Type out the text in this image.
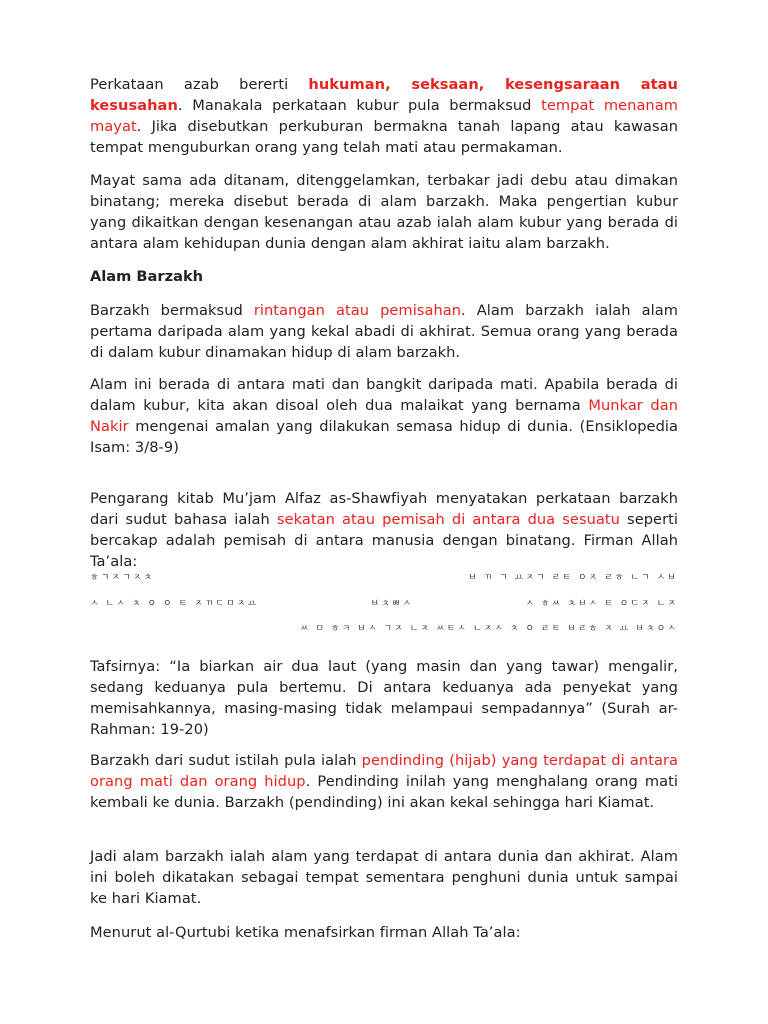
Perkataan azab bererti hukuman, seksaan, kesengsaraan atau kesusahan. Manakala perkataan kubur pula bermaksud tempat menanam mayat. Jika disebutkan perkuburan bermakna tanah lapang atau kawasan tempat menguburkan orang yang telah mati atau permakaman.

Mayat sama ada ditanam, ditenggelamkan, terbakar jadi debu atau dimakan binatang; mereka disebut berada di alam barzakh. Maka pengertian kubur yang dikaitkan dengan kesenangan atau azab ialah alam kubur yang berada di antara alam kehidupan dunia dengan alam akhirat iaitu alam barzakh.

Alam Barzakh

Barzakh bermaksud rintangan atau pemisahan. Alam barzakh ialah alam pertama daripada alam yang kekal abadi di akhirat. Semua orang yang berada di dalam kubur dinamakan hidup di alam barzakh.

Alam ini berada di antara mati dan bangkit daripada mati. Apabila berada di dalam kubur, kita akan disoal oleh dua malaikat yang bernama Munkar dan Nakir mengenai amalan yang dilakukan semasa hidup di dunia. (Ensiklopedia Isam: 3/8-9)

Pengarang kitab Mu’jam Alfaz as-Shawfiyah menyatakan perkataan barzakh dari sudut bahasa ialah sekatan atau pemisah di antara dua sesuatu seperti bercakap adalah pemisah di antara manusia dengan binatang. Firman Allah Ta’ala:

ㅎㄱㅈㄱㅈㅊ	ㅂ ㄲ ㄱ ㅛㅈㄱ ㄹㅌ ㅇㅈ ㄹㅎ ㄴㄱ ㅅㅂ
ㅅ ㄴㅅ ㅊ ㅇ ㅇ ㅌ ㅈㄲㄷㅁㅈㅛ	ㅂㅊㅃㅅ	ㅅ ㅎㅆ ㅊㅂㅅ ㅌ ㅇㄷㅈ ㄴㅈ
ㅆ ㅁ ㅎㅋ ㅂㅅ ㄱㅈ ㄴㅈ ㅆㅌㅅ ㄴㅈㅅ ㅊ ㅇ ㄹㅌ ㅂㄹㅎ ㅈ ㅛ ㅂㅊㅇㅅ

Tafsirnya: “Ia biarkan air dua laut (yang masin dan yang tawar) mengalir, sedang keduanya pula bertemu. Di antara keduanya ada penyekat yang memisahkannya, masing-masing tidak melampaui sempadannya” (Surah ar-Rahman: 19-20)

Barzakh dari sudut istilah pula ialah pendinding (hijab) yang terdapat di antara orang mati dan orang hidup. Pendinding inilah yang menghalang orang mati kembali ke dunia. Barzakh (pendinding) ini akan kekal sehingga hari Kiamat.

Jadi alam barzakh ialah alam yang terdapat di antara dunia dan akhirat. Alam ini boleh dikatakan sebagai tempat sementara penghuni dunia untuk sampai ke hari Kiamat.

Menurut al-Qurtubi ketika menafsirkan firman Allah Ta’ala:
